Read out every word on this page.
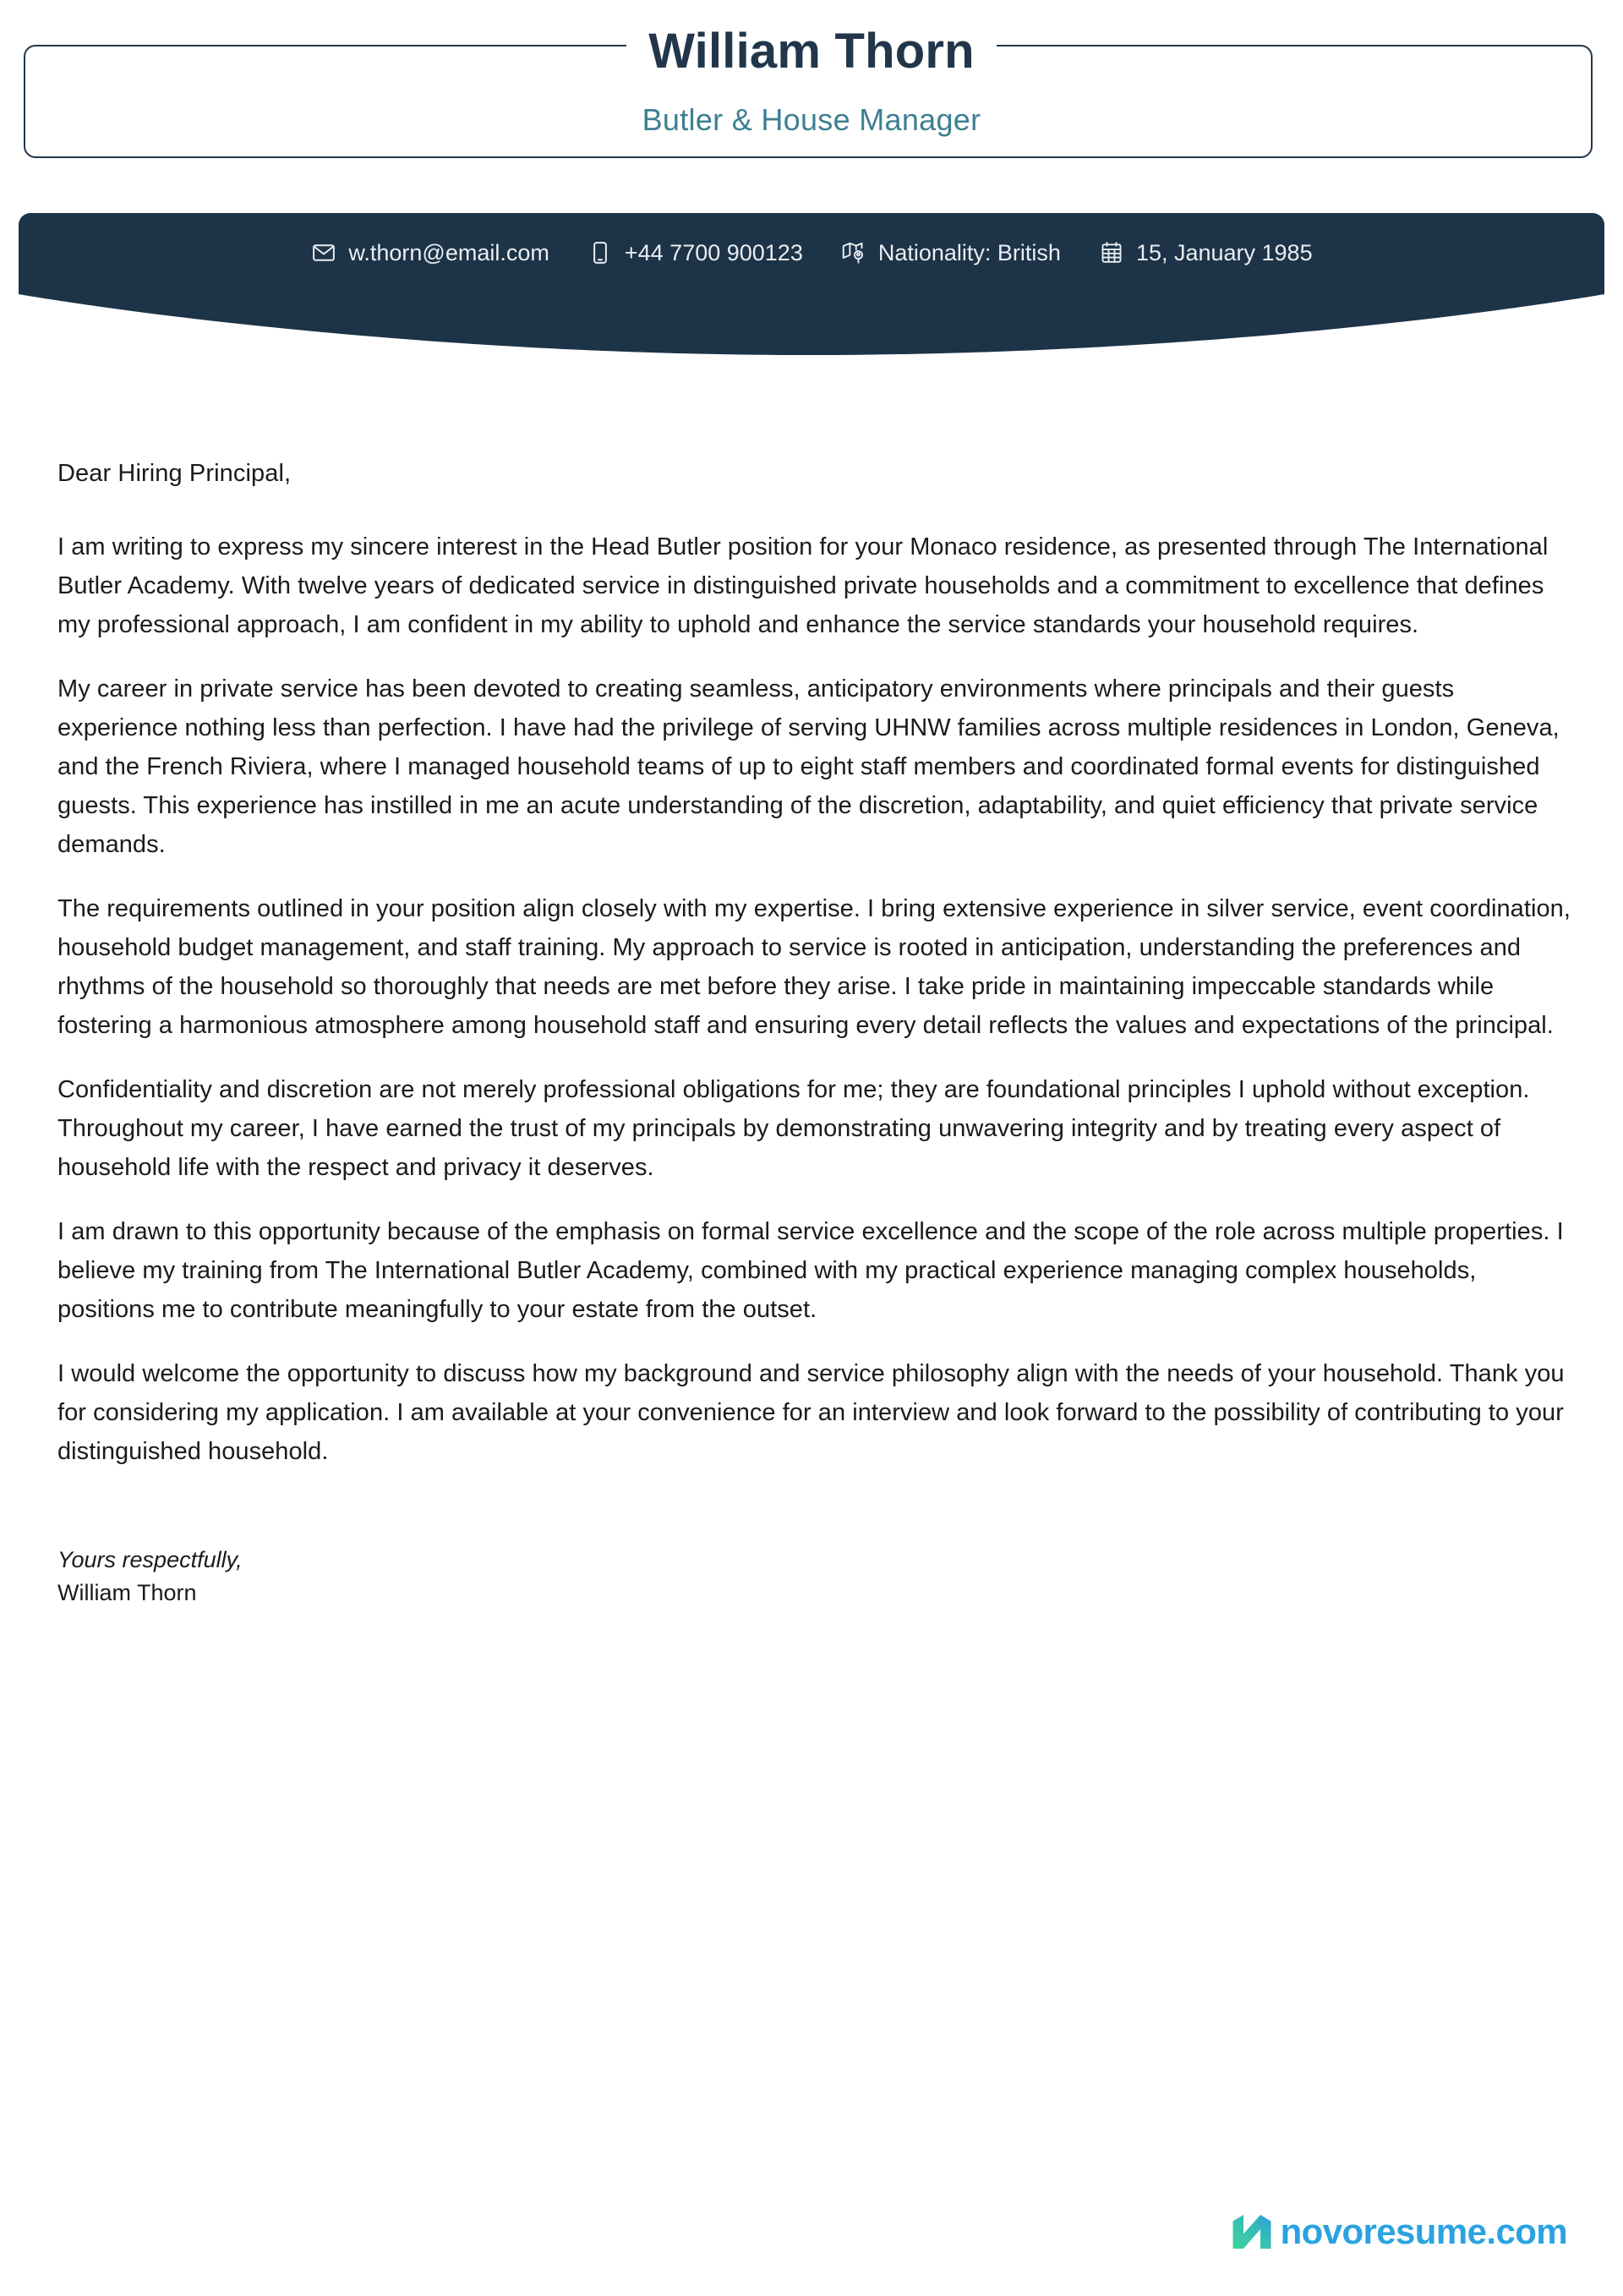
William Thorn
Butler & House Manager
w.thorn@email.com	+44 7700 900123	Nationality: British	15, January 1985

Dear Hiring Principal,

I am writing to express my sincere interest in the Head Butler position for your Monaco residence, as presented through The International Butler Academy. With twelve years of dedicated service in distinguished private households and a commitment to excellence that defines my professional approach, I am confident in my ability to uphold and enhance the service standards your household requires.

My career in private service has been devoted to creating seamless, anticipatory environments where principals and their guests experience nothing less than perfection. I have had the privilege of serving UHNW families across multiple residences in London, Geneva, and the French Riviera, where I managed household teams of up to eight staff members and coordinated formal events for distinguished guests. This experience has instilled in me an acute understanding of the discretion, adaptability, and quiet efficiency that private service demands.

The requirements outlined in your position align closely with my expertise. I bring extensive experience in silver service, event coordination, household budget management, and staff training. My approach to service is rooted in anticipation, understanding the preferences and rhythms of the household so thoroughly that needs are met before they arise. I take pride in maintaining impeccable standards while fostering a harmonious atmosphere among household staff and ensuring every detail reflects the values and expectations of the principal.

Confidentiality and discretion are not merely professional obligations for me; they are foundational principles I uphold without exception. Throughout my career, I have earned the trust of my principals by demonstrating unwavering integrity and by treating every aspect of household life with the respect and privacy it deserves.

I am drawn to this opportunity because of the emphasis on formal service excellence and the scope of the role across multiple properties. I believe my training from The International Butler Academy, combined with my practical experience managing complex households, positions me to contribute meaningfully to your estate from the outset.

I would welcome the opportunity to discuss how my background and service philosophy align with the needs of your household. Thank you for considering my application. I am available at your convenience for an interview and look forward to the possibility of contributing to your distinguished household.

Yours respectfully,
William Thorn
novoresume.com
